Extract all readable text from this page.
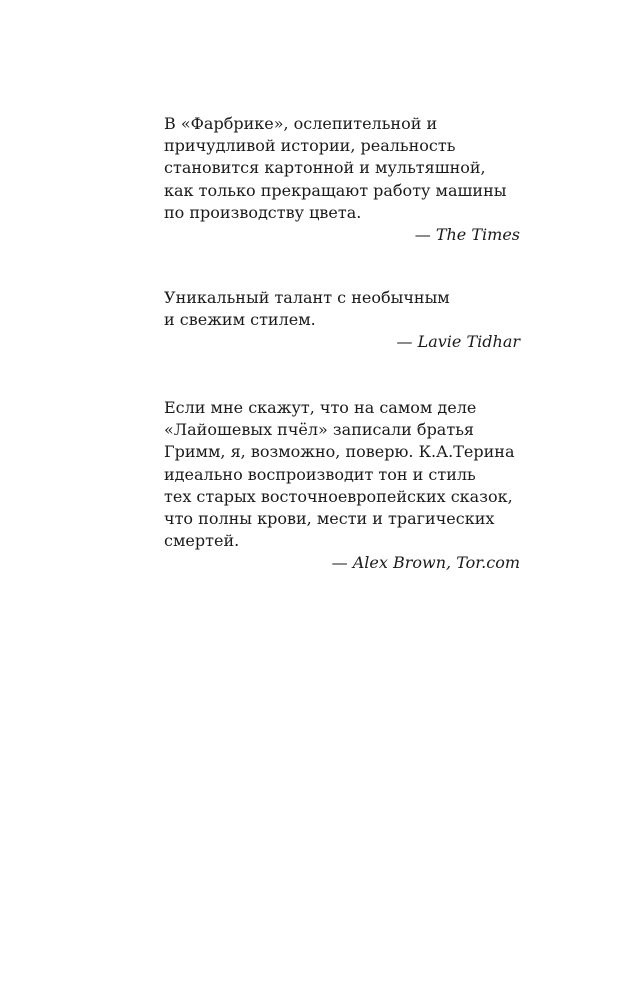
В «Фарбрике», ослепительной и
причудливой истории, реальность
становится картонной и мультяшной,
как только прекращают работу машины
по производству цвета.
— The Times
Уникальный талант с необычным
и свежим стилем.
— Lavie Tidhar
Если мне скажут, что на самом деле
«Лайошевых пчёл» записали братья
Гримм, я, возможно, поверю. К.А.Терина
идеально воспроизводит тон и стиль
тех старых восточноевропейских сказок,
что полны крови, мести и трагических
смертей.
— Alex Brown, Tor.com
